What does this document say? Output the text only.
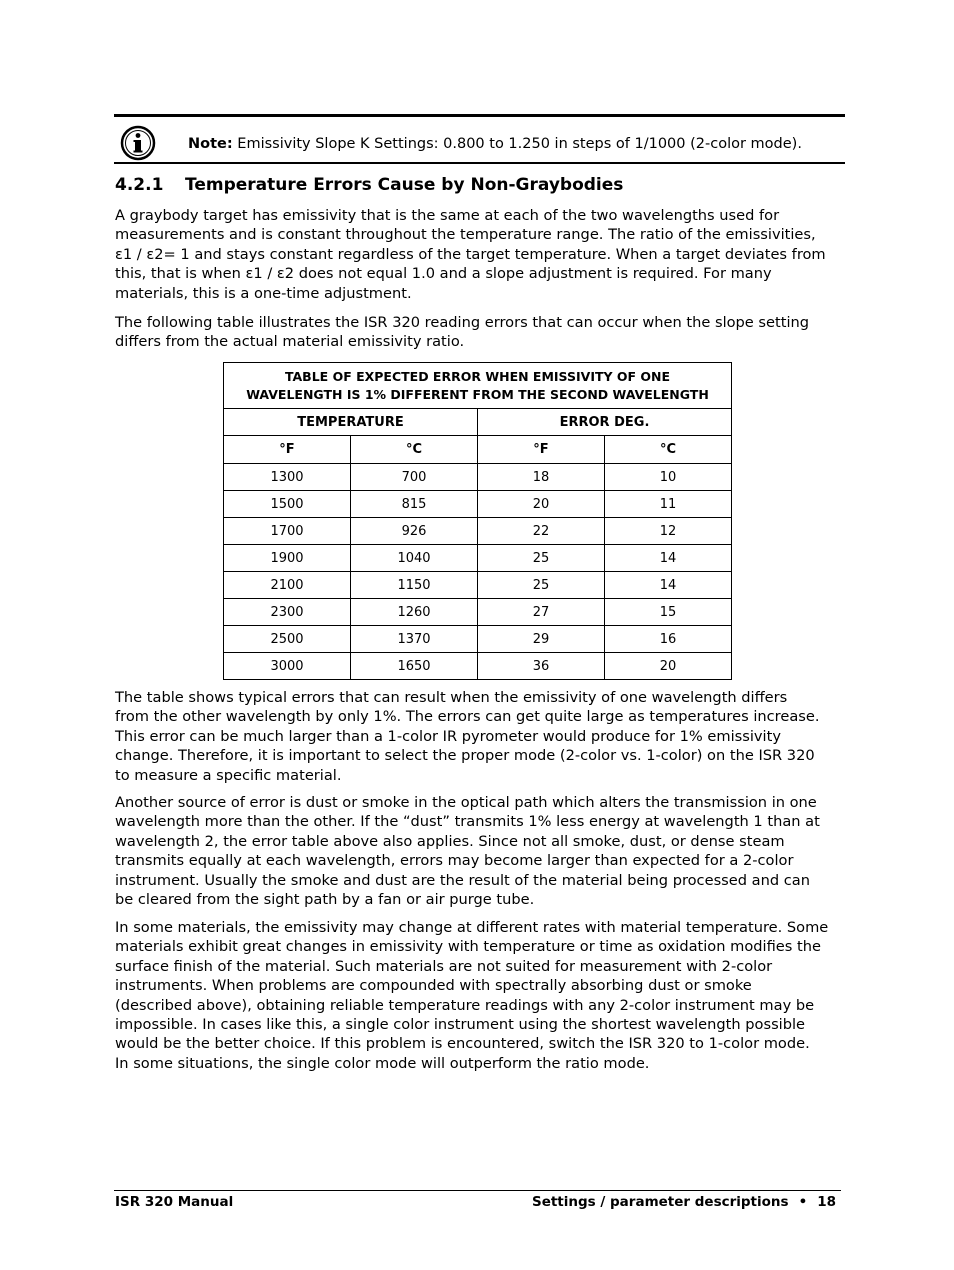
Note: Emissivity Slope K Settings: 0.800 to 1.250 in steps of 1/1000 (2-color mode).
4.2.1 Temperature Errors Cause by Non-Graybodies
A graybody target has emissivity that is the same at each of the two wavelengths used for
measurements and is constant throughout the temperature range. The ratio of the emissivities,
ε1 / ε2= 1 and stays constant regardless of the target temperature. When a target deviates from
this, that is when ε1 / ε2 does not equal 1.0 and a slope adjustment is required. For many
materials, this is a one-time adjustment.
The following table illustrates the ISR 320 reading errors that can occur when the slope setting
differs from the actual material emissivity ratio.
TABLE OF EXPECTED ERROR WHEN EMISSIVITY OF ONE
WAVELENGTH IS 1% DIFFERENT FROM THE SECOND WAVELENGTH			

TEMPERATURE		ERROR DEG.	
°F	°C	°F	°C
1300	700	18	10
1500	815	20	11
1700	926	22	12
1900	1040	25	14
2100	1150	25	14
2300	1260	27	15
2500	1370	29	16
3000	1650	36	20
The table shows typical errors that can result when the emissivity of one wavelength differs
from the other wavelength by only 1%. The errors can get quite large as temperatures increase.
This error can be much larger than a 1-color IR pyrometer would produce for 1% emissivity
change. Therefore, it is important to select the proper mode (2-color vs. 1-color) on the ISR 320
to measure a specific material.
Another source of error is dust or smoke in the optical path which alters the transmission in one
wavelength more than the other. If the “dust” transmits 1% less energy at wavelength 1 than at
wavelength 2, the error table above also applies. Since not all smoke, dust, or dense steam
transmits equally at each wavelength, errors may become larger than expected for a 2-color
instrument. Usually the smoke and dust are the result of the material being processed and can
be cleared from the sight path by a fan or air purge tube.
In some materials, the emissivity may change at different rates with material temperature. Some
materials exhibit great changes in emissivity with temperature or time as oxidation modifies the
surface finish of the material. Such materials are not suited for measurement with 2-color
instruments. When problems are compounded with spectrally absorbing dust or smoke
(described above), obtaining reliable temperature readings with any 2-color instrument may be
impossible. In cases like this, a single color instrument using the shortest wavelength possible
would be the better choice. If this problem is encountered, switch the ISR 320 to 1-color mode.
In some situations, the single color mode will outperform the ratio mode.
ISR 320 Manual	Settings / parameter descriptions • 18
